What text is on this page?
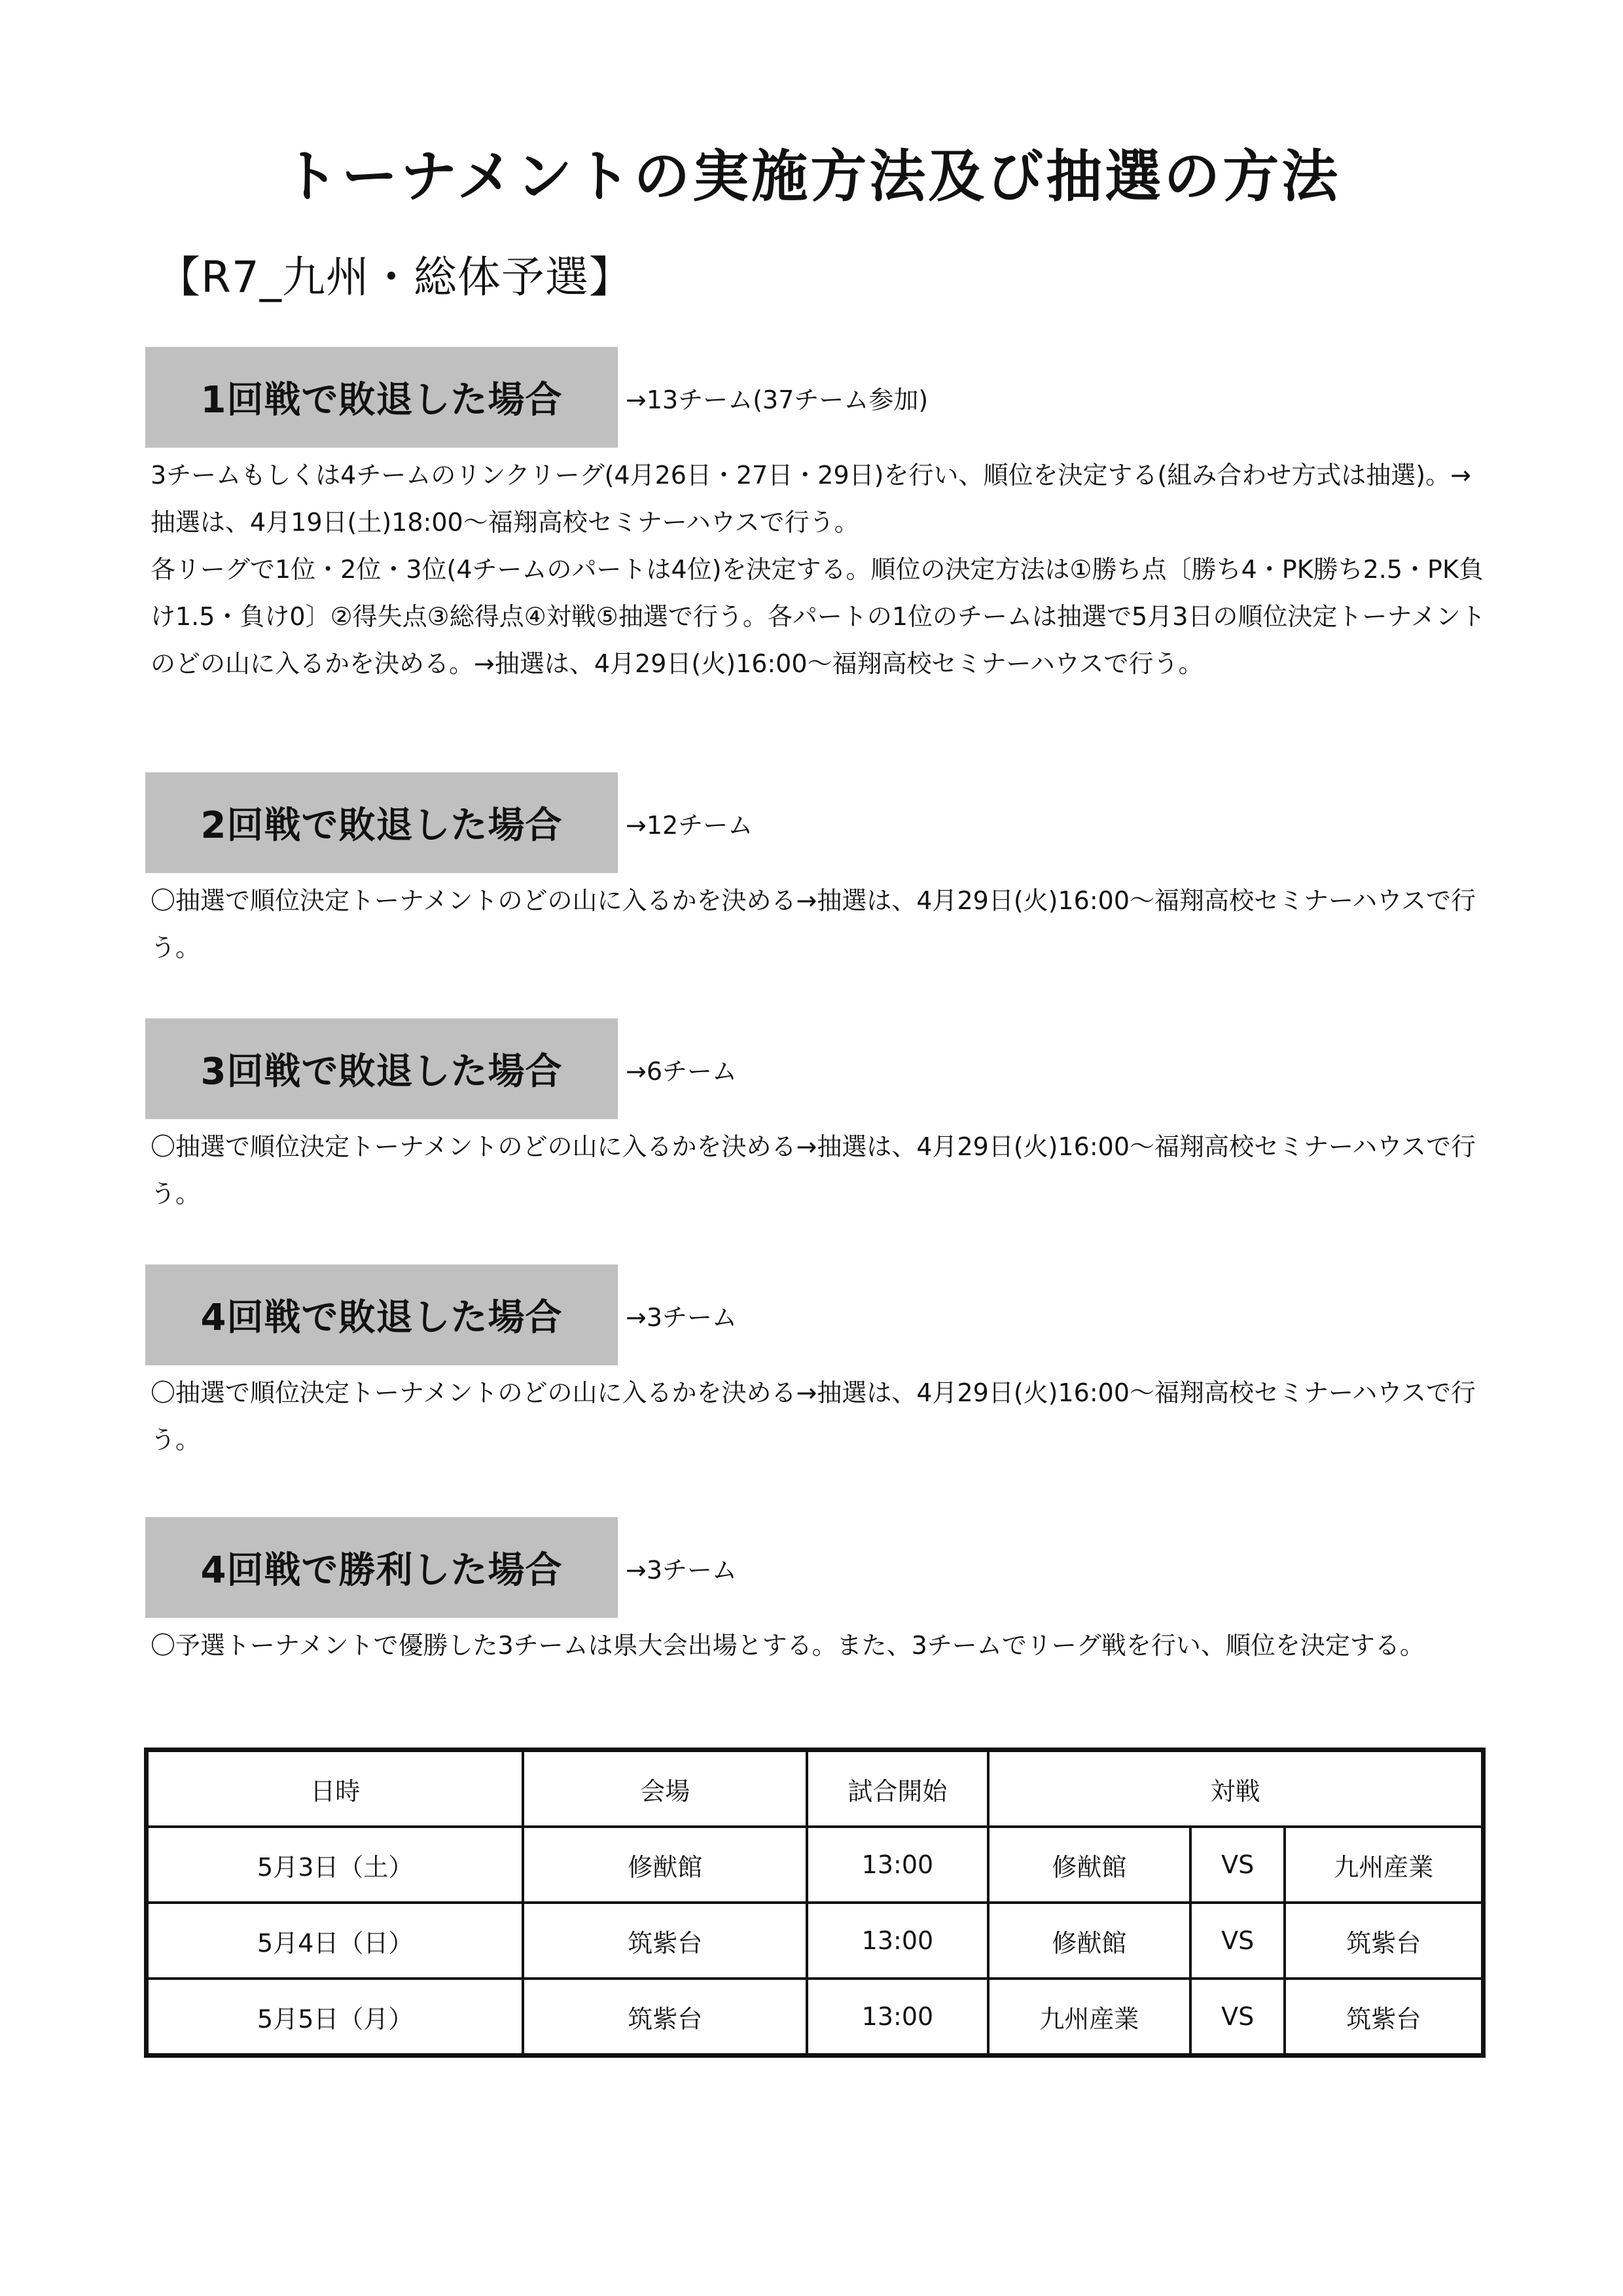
トーナメントの実施方法及び抽選の方法
【R7_九州・総体予選】
1回戦で敗退した場合	→13チーム(37チーム参加)

3チームもしくは4チームのリンクリーグ(4月26日・27日・29日)を行い、順位を決定する(組み合わせ方式は抽選)。→抽選は、4月19日(土)18:00〜福翔高校セミナーハウスで行う。

各リーグで1位・2位・3位(4チームのパートは4位)を決定する。順位の決定方法は①勝ち点〔勝ち4・PK勝ち2.5・PK負け1.5・負け0〕②得失点③総得点④対戦⑤抽選で行う。各パートの1位のチームは抽選で5月3日の順位決定トーナメントのどの山に入るかを決める。→抽選は、4月29日(火)16:00〜福翔高校セミナーハウスで行う。

2回戦で敗退した場合	→12チーム

〇抽選で順位決定トーナメントのどの山に入るかを決める→抽選は、4月29日(火)16:00〜福翔高校セミナーハウスで行う。

3回戦で敗退した場合	→6チーム

〇抽選で順位決定トーナメントのどの山に入るかを決める→抽選は、4月29日(火)16:00〜福翔高校セミナーハウスで行う。

4回戦で敗退した場合	→3チーム

〇抽選で順位決定トーナメントのどの山に入るかを決める→抽選は、4月29日(火)16:00〜福翔高校セミナーハウスで行う。

4回戦で勝利した場合	→3チーム

〇予選トーナメントで優勝した3チームは県大会出場とする。また、3チームでリーグ戦を行い、順位を決定する。

日時	会場	試合開始	対戦		
5月3日（土）	修猷館	13:00	修猷館	VS	九州産業
5月4日（日）	筑紫台	13:00	修猷館	VS	筑紫台
5月5日（月）	筑紫台	13:00	九州産業	VS	筑紫台
